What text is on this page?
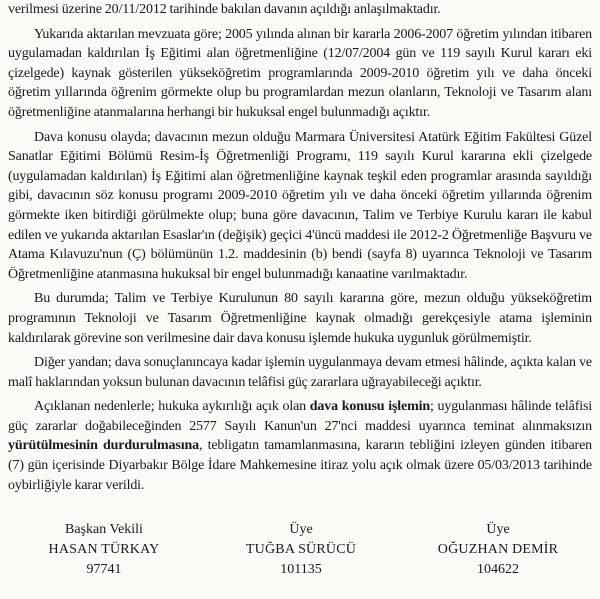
verilmesi üzerine 20/11/2012 tarihinde bakılan davanın açıldığı anlaşılmaktadır.

Yukarıda aktarılan mevzuata göre; 2005 yılında alınan bir kararla 2006-2007 öğretim yılından itibaren uygulamadan kaldırılan İş Eğitimi alan öğretmenliğine (12/07/2004 gün ve 119 sayılı Kurul kararı eki çizelgede) kaynak gösterilen yükseköğretim programlarında 2009-2010 öğretim yılı ve daha önceki öğretim yıllarında öğrenim görmekte olup bu programlardan mezun olanların, Teknoloji ve Tasarım alanı öğretmenliğine atanmalarına herhangi bir hukuksal engel bulunmadığı açıktır.

Dava konusu olayda; davacının mezun olduğu Marmara Üniversitesi Atatürk Eğitim Fakültesi Güzel Sanatlar Eğitimi Bölümü Resim-İş Öğretmenliği Programı, 119 sayılı Kurul kararına ekli çizelgede (uygulamadan kaldırılan) İş Eğitimi alan öğretmenliğine kaynak teşkil eden programlar arasında sayıldığı gibi, davacının söz konusu programı 2009-2010 öğretim yılı ve daha önceki öğretim yıllarında öğrenim görmekte iken bitirdiği görülmekte olup; buna göre davacının, Talim ve Terbiye Kurulu kararı ile kabul edilen ve yukarıda aktarılan Esaslar'ın (değişik) geçici 4'üncü maddesi ile 2012-2 Öğretmenliğe Başvuru ve Atama Kılavuzu'nun (Ç) bölümünün 1.2. maddesinin (b) bendi (sayfa 8) uyarınca Teknoloji ve Tasarım Öğretmenliğine atanmasına hukuksal bir engel bulunmadığı kanaatine varılmaktadır.

Bu durumda; Talim ve Terbiye Kurulunun 80 sayılı kararına göre, mezun olduğu yükseköğretim programının Teknoloji ve Tasarım Öğretmenliğine kaynak olmadığı gerekçesiyle atama işleminin kaldırılarak görevine son verilmesine dair dava konusu işlemde hukuka uygunluk görülmemiştir.

Diğer yandan; dava sonuçlanıncaya kadar işlemin uygulanmaya devam etmesi hâlinde, açıkta kalan ve malî haklarından yoksun bulunan davacının telâfisi güç zararlara uğrayabileceği açıktır.

Açıklanan nedenlerle; hukuka aykırılığı açık olan dava konusu işlemin; uygulanması hâlinde telâfisi güç zararlar doğabileceğinden 2577 Sayılı Kanun'un 27'nci maddesi uyarınca teminat alınmaksızın yürütülmesinin durdurulmasına, tebligatın tamamlanmasına, kararın tebliğini izleyen günden itibaren (7) gün içerisinde Diyarbakır Bölge İdare Mahkemesine itiraz yolu açık olmak üzere 05/03/2013 tarihinde oybirliğiyle karar verildi.

Başkan Vekili
HASAN TÜRKAY
97741
Üye
TUĞBA SÜRÜCÜ
101135
Üye
OĞUZHAN DEMİR
104622
